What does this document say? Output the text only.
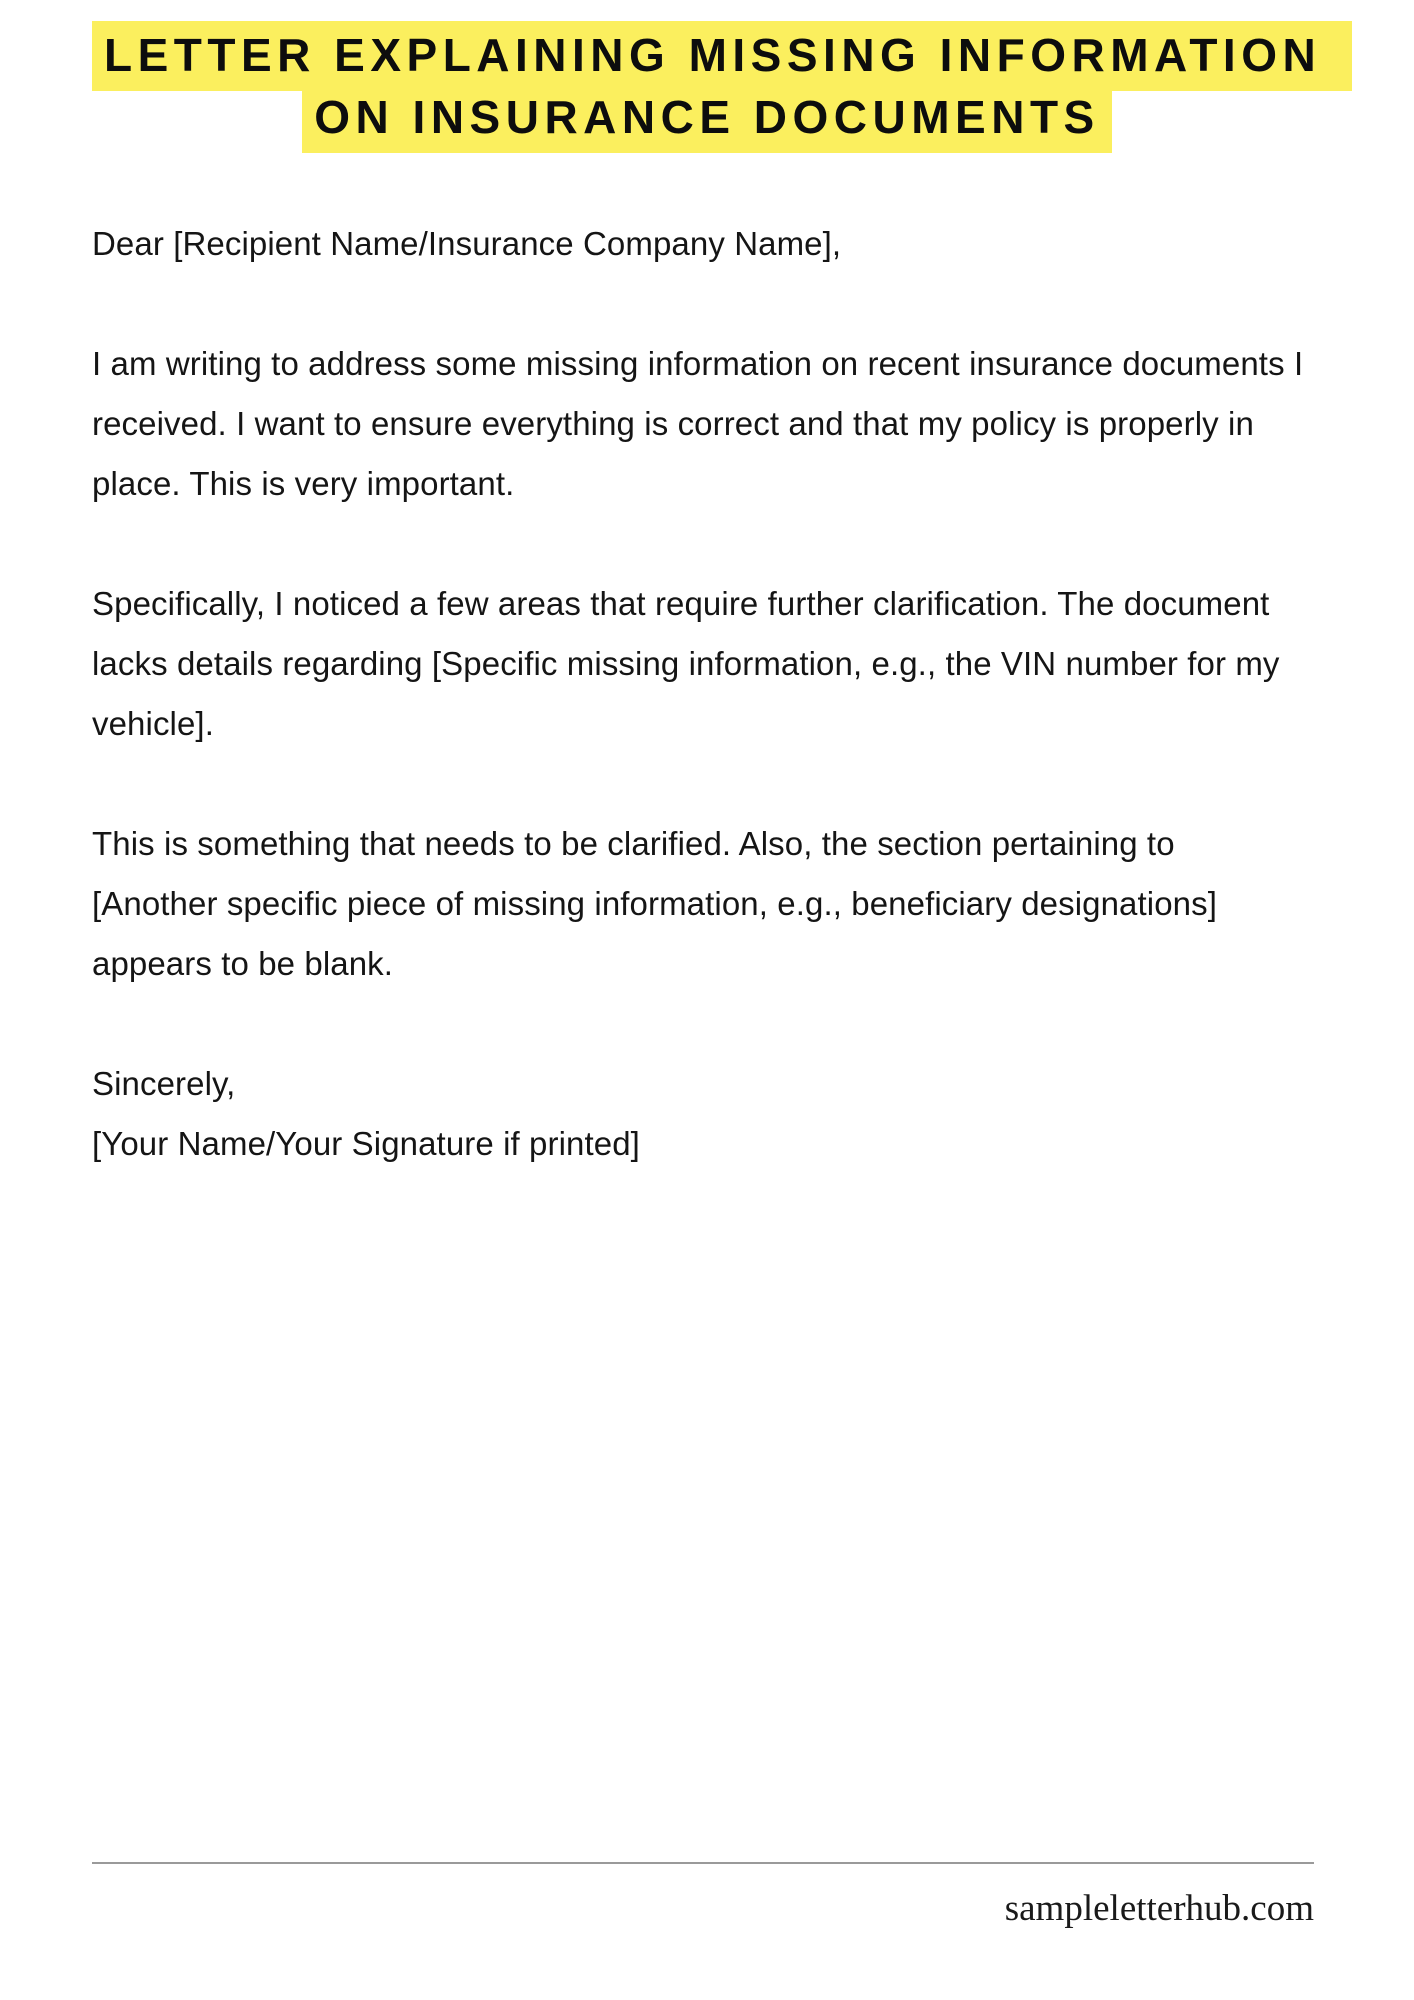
LETTER EXPLAINING MISSING INFORMATION ON INSURANCE DOCUMENTS

Dear [Recipient Name/Insurance Company Name],

I am writing to address some missing information on recent insurance documents I received. I want to ensure everything is correct and that my policy is properly in place. This is very important.

Specifically, I noticed a few areas that require further clarification. The document lacks details regarding [Specific missing information, e.g., the VIN number for my vehicle].

This is something that needs to be clarified. Also, the section pertaining to [Another specific piece of missing information, e.g., beneficiary designations] appears to be blank.

Sincerely,
[Your Name/Your Signature if printed]
sampleletterhub.com
